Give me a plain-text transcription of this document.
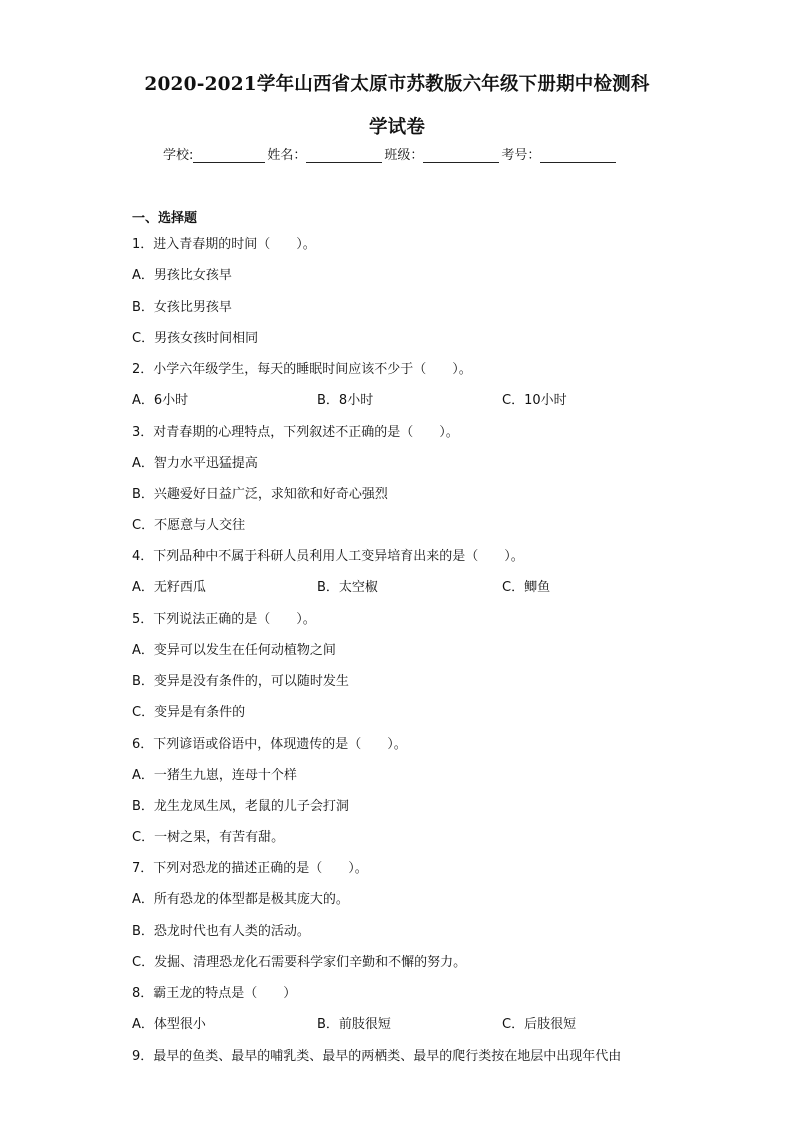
2020-2021学年山西省太原市苏教版六年级下册期中检测科
学试卷
学校:	姓名：	班级：	考号：
一、选择题
1．进入青春期的时间（　　）。
A．男孩比女孩早
B．女孩比男孩早
C．男孩女孩时间相同
2．小学六年级学生，每天的睡眠时间应该不少于（　　）。
A．6小时	B．8小时	C．10小时
3．对青春期的心理特点，下列叙述不正确的是（　　）。
A．智力水平迅猛提高
B．兴趣爱好日益广泛，求知欲和好奇心强烈
C．不愿意与人交往
4．下列品种中不属于科研人员利用人工变异培育出来的是（　　）。
A．无籽西瓜	B．太空椒	C．鲫鱼
5．下列说法正确的是（　　）。
A．变异可以发生在任何动植物之间
B．变异是没有条件的，可以随时发生
C．变异是有条件的
6．下列谚语或俗语中，体现遗传的是（　　）。
A．一猪生九崽，连母十个样
B．龙生龙凤生凤，老鼠的儿子会打洞
C．一树之果，有苦有甜。
7．下列对恐龙的描述正确的是（　　）。
A．所有恐龙的体型都是极其庞大的。
B．恐龙时代也有人类的活动。
C．发掘、清理恐龙化石需要科学家们辛勤和不懈的努力。
8．霸王龙的特点是（　　）
A．体型很小	B．前肢很短	C．后肢很短
9．最早的鱼类、最早的哺乳类、最早的两栖类、最早的爬行类按在地层中出现年代由
